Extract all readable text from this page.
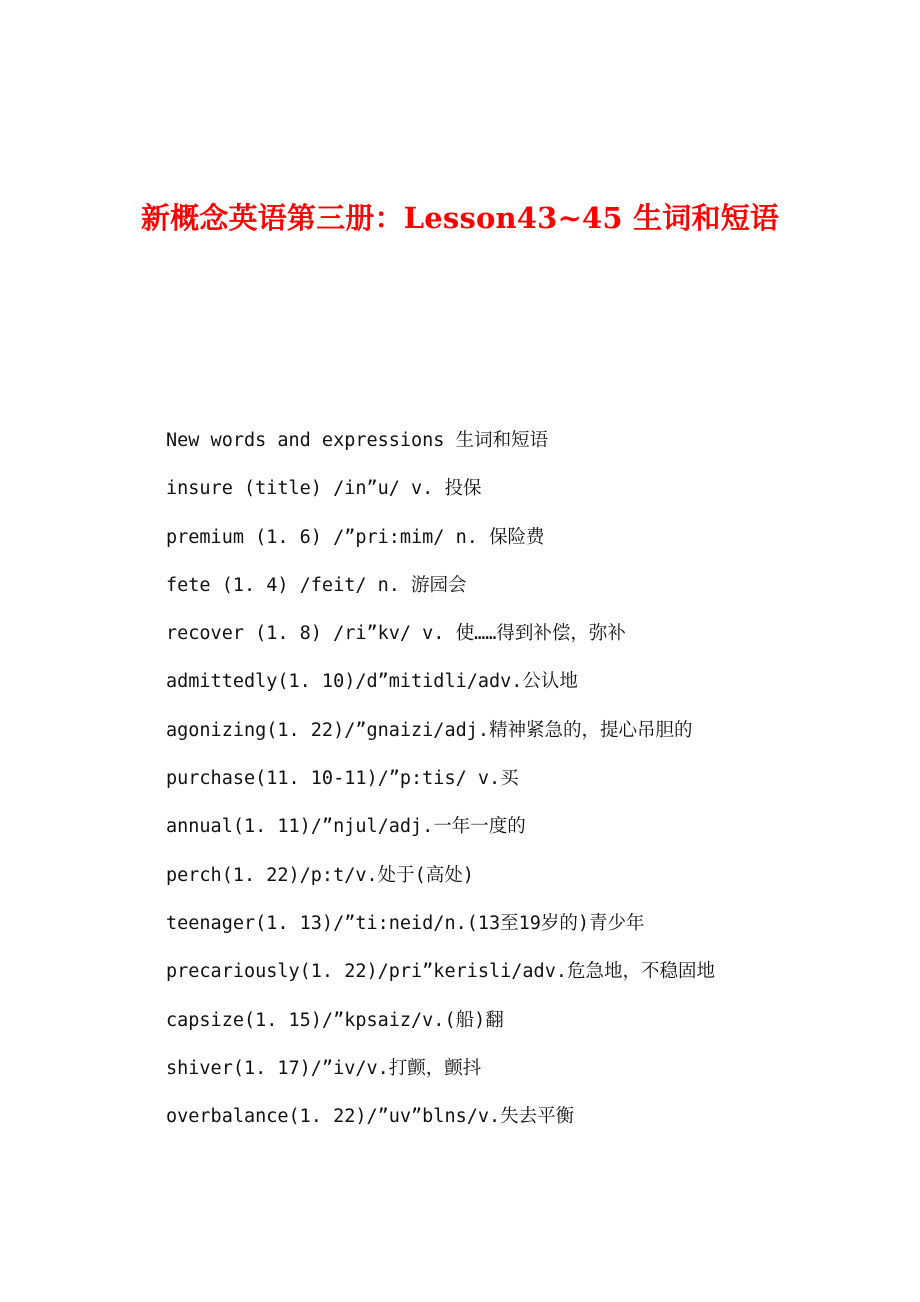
新概念英语第三册：Lesson43~45 生词和短语
New words and expressions 生词和短语
insure (title) /in”u/ v. 投保
premium (1. 6) /”pri:mim/ n. 保险费
fete (1. 4) /feit/ n. 游园会
recover (1. 8) /ri”kv/ v. 使……得到补偿，弥补
admittedly(1. 10)/d”mitidli/adv.公认地
agonizing(1. 22)/”gnaizi/adj.精神紧急的，提心吊胆的
purchase(11. 10-11)/”p:tis/ v.买
annual(1. 11)/”njul/adj.一年一度的
perch(1. 22)/p:t/v.处于(高处)
teenager(1. 13)/”ti:neid/n.(13至19岁的)青少年
precariously(1. 22)/pri”kerisli/adv.危急地，不稳固地
capsize(1. 15)/”kpsaiz/v.(船)翻
shiver(1. 17)/”iv/v.打颤，颤抖
overbalance(1. 22)/”uv”blns/v.失去平衡
